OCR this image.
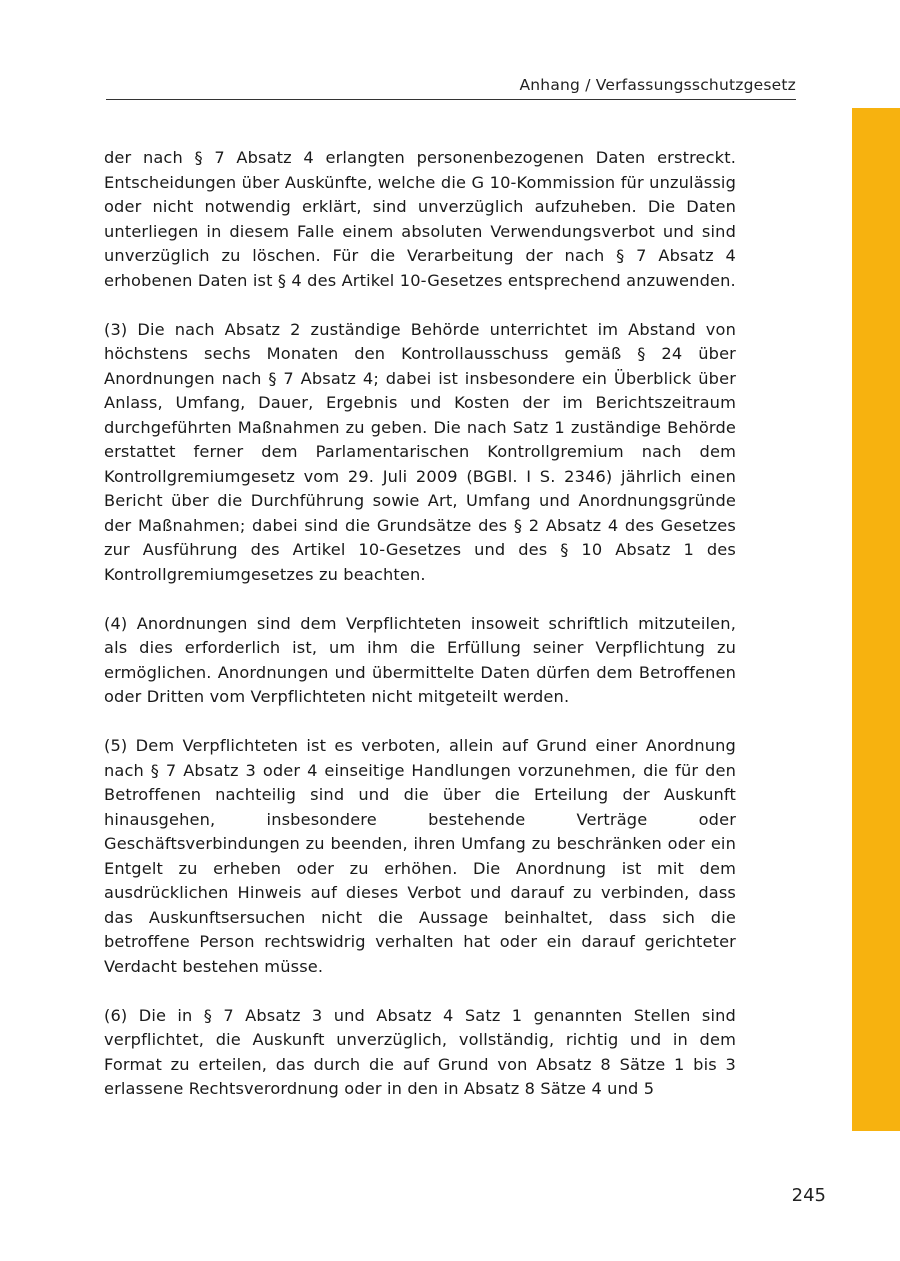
Anhang / Verfassungsschutzgesetz

der nach § 7 Absatz 4 erlangten personenbezogenen Daten erstreckt. Entscheidungen über Auskünfte, welche die G 10-Kommission für unzulässig oder nicht notwendig erklärt, sind unverzüglich aufzuheben. Die Daten unterliegen in diesem Falle einem absoluten Verwendungsverbot und sind unverzüglich zu löschen. Für die Verarbeitung der nach § 7 Absatz 4 erhobenen Daten ist § 4 des Artikel 10-Gesetzes entsprechend anzuwenden.

(3) Die nach Absatz 2 zuständige Behörde unterrichtet im Abstand von höchstens sechs Monaten den Kontrollausschuss gemäß § 24 über Anordnungen nach § 7 Absatz 4; dabei ist insbesondere ein Überblick über Anlass, Umfang, Dauer, Ergebnis und Kosten der im Berichtszeitraum durchgeführten Maßnahmen zu geben. Die nach Satz 1 zuständige Behörde erstattet ferner dem Parlamentarischen Kontrollgremium nach dem Kontrollgremiumgesetz vom 29. Juli 2009 (BGBl. I S. 2346) jährlich einen Bericht über die Durchführung sowie Art, Umfang und Anordnungsgründe der Maßnahmen; dabei sind die Grundsätze des § 2 Absatz 4 des Gesetzes zur Ausführung des Artikel 10-Gesetzes und des § 10 Absatz 1 des Kontrollgremiumgesetzes zu beachten.

(4) Anordnungen sind dem Verpflichteten insoweit schriftlich mitzuteilen, als dies erforderlich ist, um ihm die Erfüllung seiner Verpflichtung zu ermöglichen. Anordnungen und übermittelte Daten dürfen dem Betroffenen oder Dritten vom Verpflichteten nicht mitgeteilt werden.

(5) Dem Verpflichteten ist es verboten, allein auf Grund einer Anordnung nach § 7 Absatz 3 oder 4 einseitige Handlungen vorzunehmen, die für den Betroffenen nachteilig sind und die über die Erteilung der Auskunft hinausgehen, insbesondere bestehende Verträge oder Geschäftsverbindungen zu beenden, ihren Umfang zu beschränken oder ein Entgelt zu erheben oder zu erhöhen. Die Anordnung ist mit dem ausdrücklichen Hinweis auf dieses Verbot und darauf zu verbinden, dass das Auskunftsersuchen nicht die Aussage beinhaltet, dass sich die betroffene Person rechtswidrig verhalten hat oder ein darauf gerichteter Verdacht bestehen müsse.

(6) Die in § 7 Absatz 3 und Absatz 4 Satz 1 genannten Stellen sind verpflichtet, die Auskunft unverzüglich, vollständig, richtig und in dem Format zu erteilen, das durch die auf Grund von Absatz 8 Sätze 1 bis 3 erlassene Rechtsverordnung oder in den in Absatz 8 Sätze 4 und 5

245
